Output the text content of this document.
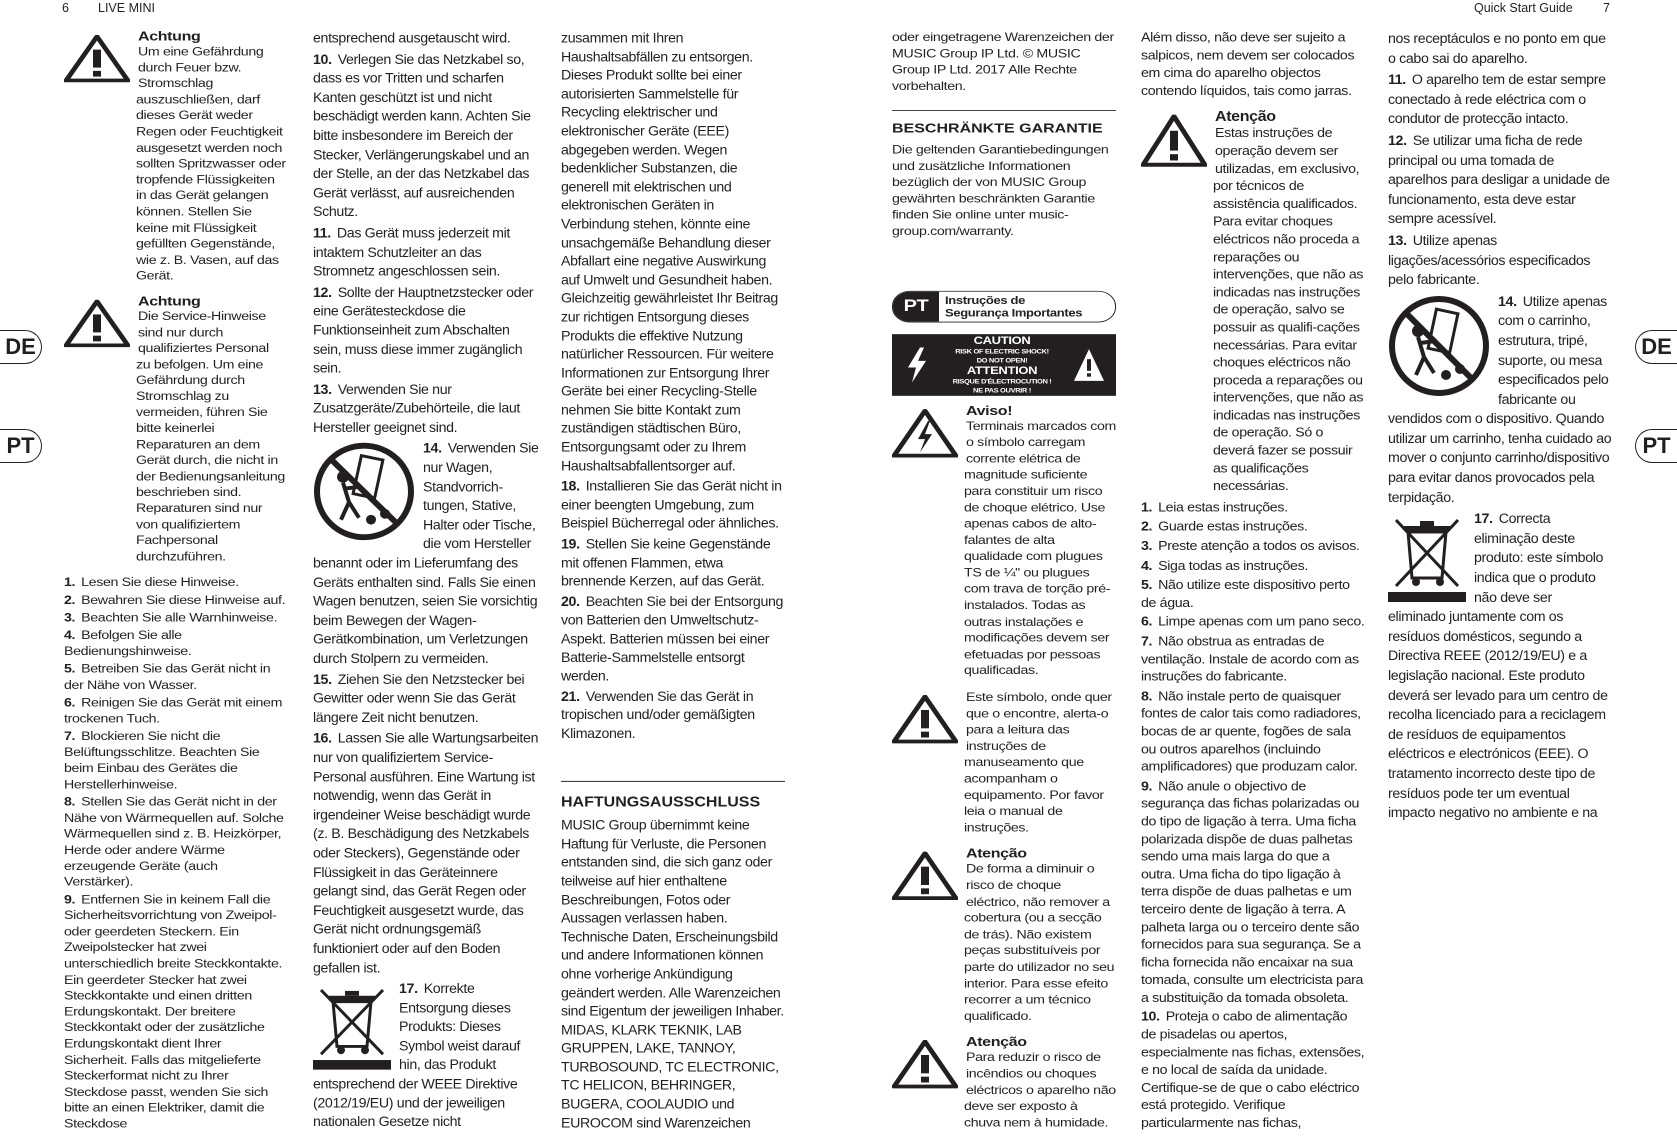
6 LIVE MINI	Quick Start Guide 7
DE
PT
DE
PT
Achtung
Um eine Gefährdung durch Feuer bzw. Stromschlag auszuschließen, darf dieses Gerät weder Regen oder Feuchtigkeit ausgesetzt werden noch sollten Spritzwasser oder tropfende Flüssigkeiten in das Gerät gelangen können. Stellen Sie keine mit Flüssigkeit gefüllten Gegenstände, wie z. B. Vasen, auf das Gerät.
Achtung
Die Service-Hinweise sind nur durch qualifiziertes Personal zu befolgen. Um eine Gefährdung durch Stromschlag zu vermeiden, führen Sie bitte keinerlei Reparaturen an dem Gerät durch, die nicht in der Bedienungsanleitung beschrieben sind. Reparaturen sind nur von qualifiziertem Fachpersonal durchzuführen.

1. Lesen Sie diese Hinweise.

2. Bewahren Sie diese Hinweise auf.

3. Beachten Sie alle Warnhinweise.

4. Befolgen Sie alle Bedienungshinweise.

5. Betreiben Sie das Gerät nicht in der Nähe von Wasser.

6. Reinigen Sie das Gerät mit einem trockenen Tuch.

7. Blockieren Sie nicht die Belüftungsschlitze. Beachten Sie beim Einbau des Gerätes die Herstellerhinweise.

8. Stellen Sie das Gerät nicht in der Nähe von Wärmequellen auf. Solche Wärmequellen sind z. B. Heizkörper, Herde oder andere Wärme erzeugende Geräte (auch Verstärker).

9. Entfernen Sie in keinem Fall die Sicherheitsvorrichtung von Zweipol- oder geerdeten Steckern. Ein Zweipolstecker hat zwei unterschiedlich breite Steckkontakte. Ein geerdeter Stecker hat zwei Steckkontakte und einen dritten Erdungskontakt. Der breitere Steckkontakt oder der zusätzliche Erdungskontakt dient Ihrer Sicherheit. Falls das mitgelieferte Steckerformat nicht zu Ihrer Steckdose passt, wenden Sie sich bitte an einen Elektriker, damit die Steckdose

entsprechend ausgetauscht wird.

10. Verlegen Sie das Netzkabel so, dass es vor Tritten und scharfen Kanten geschützt ist und nicht beschädigt werden kann. Achten Sie bitte insbesondere im Bereich der Stecker, Verlängerungskabel und an der Stelle, an der das Netzkabel das Gerät verlässt, auf ausreichenden Schutz.

11. Das Gerät muss jederzeit mit intaktem Schutzleiter an das Stromnetz angeschlossen sein.

12. Sollte der Hauptnetzstecker oder eine Gerätesteckdose die Funktionseinheit zum Abschalten sein, muss diese immer zugänglich sein.

13. Verwenden Sie nur Zusatzgeräte/Zubehörteile, die laut Hersteller geeignet sind.

14. Verwenden Sie nur Wagen, Standvorrich-tungen, Stative, Halter oder Tische, die vom Hersteller benannt oder im Lieferumfang des Geräts enthalten sind. Falls Sie einen Wagen benutzen, seien Sie vorsichtig beim Bewegen der Wagen-Gerätkombination, um Verletzungen durch Stolpern zu vermeiden.

15. Ziehen Sie den Netzstecker bei Gewitter oder wenn Sie das Gerät längere Zeit nicht benutzen.

16. Lassen Sie alle Wartungsarbeiten nur von qualifiziertem Service-Personal ausführen. Eine Wartung ist notwendig, wenn das Gerät in irgendeiner Weise beschädigt wurde (z. B. Beschädigung des Netzkabels oder Steckers), Gegenstände oder Flüssigkeit in das Geräteinnere gelangt sind, das Gerät Regen oder Feuchtigkeit ausgesetzt wurde, das Gerät nicht ordnungsgemäß funktioniert oder auf den Boden gefallen ist.

17. Korrekte Entsorgung dieses Produkts: Dieses Symbol weist darauf hin, das Produkt entsprechend der WEEE Direktive (2012/19/EU) und der jeweiligen nationalen Gesetze nicht

zusammen mit Ihren Haushaltsabfällen zu entsorgen. Dieses Produkt sollte bei einer autorisierten Sammelstelle für Recycling elektrischer und elektronischer Geräte (EEE) abgegeben werden. Wegen bedenklicher Substanzen, die generell mit elektrischen und elektronischen Geräten in Verbindung stehen, könnte eine unsachgemäße Behandlung dieser Abfallart eine negative Auswirkung auf Umwelt und Gesundheit haben. Gleichzeitig gewährleistet Ihr Beitrag zur richtigen Entsorgung dieses Produkts die effektive Nutzung natürlicher Ressourcen. Für weitere Informationen zur Entsorgung Ihrer Geräte bei einer Recycling-Stelle nehmen Sie bitte Kontakt zum zuständigen städtischen Büro, Entsorgungsamt oder zu Ihrem Haushaltsabfallentsorger auf.

18. Installieren Sie das Gerät nicht in einer beengten Umgebung, zum Beispiel Bücherregal oder ähnliches.

19. Stellen Sie keine Gegenstände mit offenen Flammen, etwa brennende Kerzen, auf das Gerät.

20. Beachten Sie bei der Entsorgung von Batterien den Umweltschutz-Aspekt. Batterien müssen bei einer Batterie-Sammelstelle entsorgt werden.

21. Verwenden Sie das Gerät in tropischen und/oder gemäßigten Klimazonen.

HAFTUNGSAUSSCHLUSS

MUSIC Group übernimmt keine Haftung für Verluste, die Personen entstanden sind, die sich ganz oder teilweise auf hier enthaltene Beschreibungen, Fotos oder Aussagen verlassen haben. Technische Daten, Erscheinungsbild und andere Informationen können ohne vorherige Ankündigung geändert werden. Alle Warenzeichen sind Eigentum der jeweiligen Inhaber. MIDAS, KLARK TEKNIK, LAB GRUPPEN, LAKE, TANNOY, TURBOSOUND, TC ELECTRONIC, TC HELICON, BEHRINGER, BUGERA, COOLAUDIO und EUROCOM sind Warenzeichen

oder eingetragene Warenzeichen der MUSIC Group IP Ltd. © MUSIC Group IP Ltd. 2017 Alle Rechte vorbehalten.

BESCHRÄNKTE GARANTIE

Die geltenden Garantiebedingungen und zusätzliche Informationen bezüglich der von MUSIC Group gewährten beschränkten Garantie finden Sie online unter music-group.com/warranty.

PT	Instruções de
Segurança Importantes
CAUTION
RISK OF ELECTRIC SHOCK!
DO NOT OPEN!
ATTENTION
RISQUE D'ÉLECTROCUTION !
NE PAS OUVRIR !
Aviso!
Terminais marcados com o símbolo carregam corrente elétrica de magnitude suficiente para constituir um risco de choque elétrico. Use apenas cabos de alto-falantes de alta qualidade com plugues TS de ¼" ou plugues com trava de torção pré-instalados. Todas as outras instalações e modificações devem ser efetuadas por pessoas qualificadas.
Este símbolo, onde quer que o encontre, alerta-o para a leitura das instruções de manuseamento que acompanham o equipamento. Por favor leia o manual de instruções.
Atenção
De forma a diminuir o risco de choque eléctrico, não remover a cobertura (ou a secção de trás). Não existem peças substituíveis por parte do utilizador no seu interior. Para esse efeito recorrer a um técnico qualificado.
Atenção
Para reduzir o risco de incêndios ou choques eléctricos o aparelho não deve ser exposto à chuva nem à humidade.

Além disso, não deve ser sujeito a salpicos, nem devem ser colocados em cima do aparelho objectos contendo líquidos, tais como jarras.

Atenção
Estas instruções de operação devem ser utilizadas, em exclusivo, por técnicos de assistência qualificados. Para evitar choques eléctricos não proceda a reparações ou intervenções, que não as indicadas nas instruções de operação, salvo se possuir as qualifi-cações necessárias. Para evitar choques eléctricos não proceda a reparações ou intervenções, que não as indicadas nas instruções de operação. Só o deverá fazer se possuir as qualificações necessárias.

1. Leia estas instruções.

2. Guarde estas instruções.

3. Preste atenção a todos os avisos.

4. Siga todas as instruções.

5. Não utilize este dispositivo perto de água.

6. Limpe apenas com um pano seco.

7. Não obstrua as entradas de ventilação. Instale de acordo com as instruções do fabricante.

8. Não instale perto de quaisquer fontes de calor tais como radiadores, bocas de ar quente, fogões de sala ou outros aparelhos (incluindo amplificadores) que produzam calor.

9. Não anule o objectivo de segurança das fichas polarizadas ou do tipo de ligação à terra. Uma ficha polarizada dispõe de duas palhetas sendo uma mais larga do que a outra. Uma ficha do tipo ligação à terra dispõe de duas palhetas e um terceiro dente de ligação à terra. A palheta larga ou o terceiro dente são fornecidos para sua segurança. Se a ficha fornecida não encaixar na sua tomada, consulte um electricista para a substituição da tomada obsoleta.

10. Proteja o cabo de alimentação de pisadelas ou apertos, especialmente nas fichas, extensões, e no local de saída da unidade. Certifique-se de que o cabo eléctrico está protegido. Verifique particularmente nas fichas,

nos receptáculos e no ponto em que o cabo sai do aparelho.

11. O aparelho tem de estar sempre conectado à rede eléctrica com o condutor de protecção intacto.

12. Se utilizar uma ficha de rede principal ou uma tomada de aparelhos para desligar a unidade de funcionamento, esta deve estar sempre acessível.

13. Utilize apenas ligações/acessórios especificados pelo fabricante.

14. Utilize apenas com o carrinho, estrutura, tripé, suporte, ou mesa especificados pelo fabricante ou vendidos com o dispositivo. Quando utilizar um carrinho, tenha cuidado ao mover o conjunto carrinho/dispositivo para evitar danos provocados pela terpidação.

17. Correcta eliminação deste produto: este símbolo indica que o produto não deve ser eliminado juntamente com os resíduos domésticos, segundo a Directiva REEE (2012/19/EU) e a legislação nacional. Este produto deverá ser levado para um centro de recolha licenciado para a reciclagem de resíduos de equipamentos eléctricos e electrónicos (EEE). O tratamento incorrecto deste tipo de resíduos pode ter um eventual impacto negativo no ambiente e na
